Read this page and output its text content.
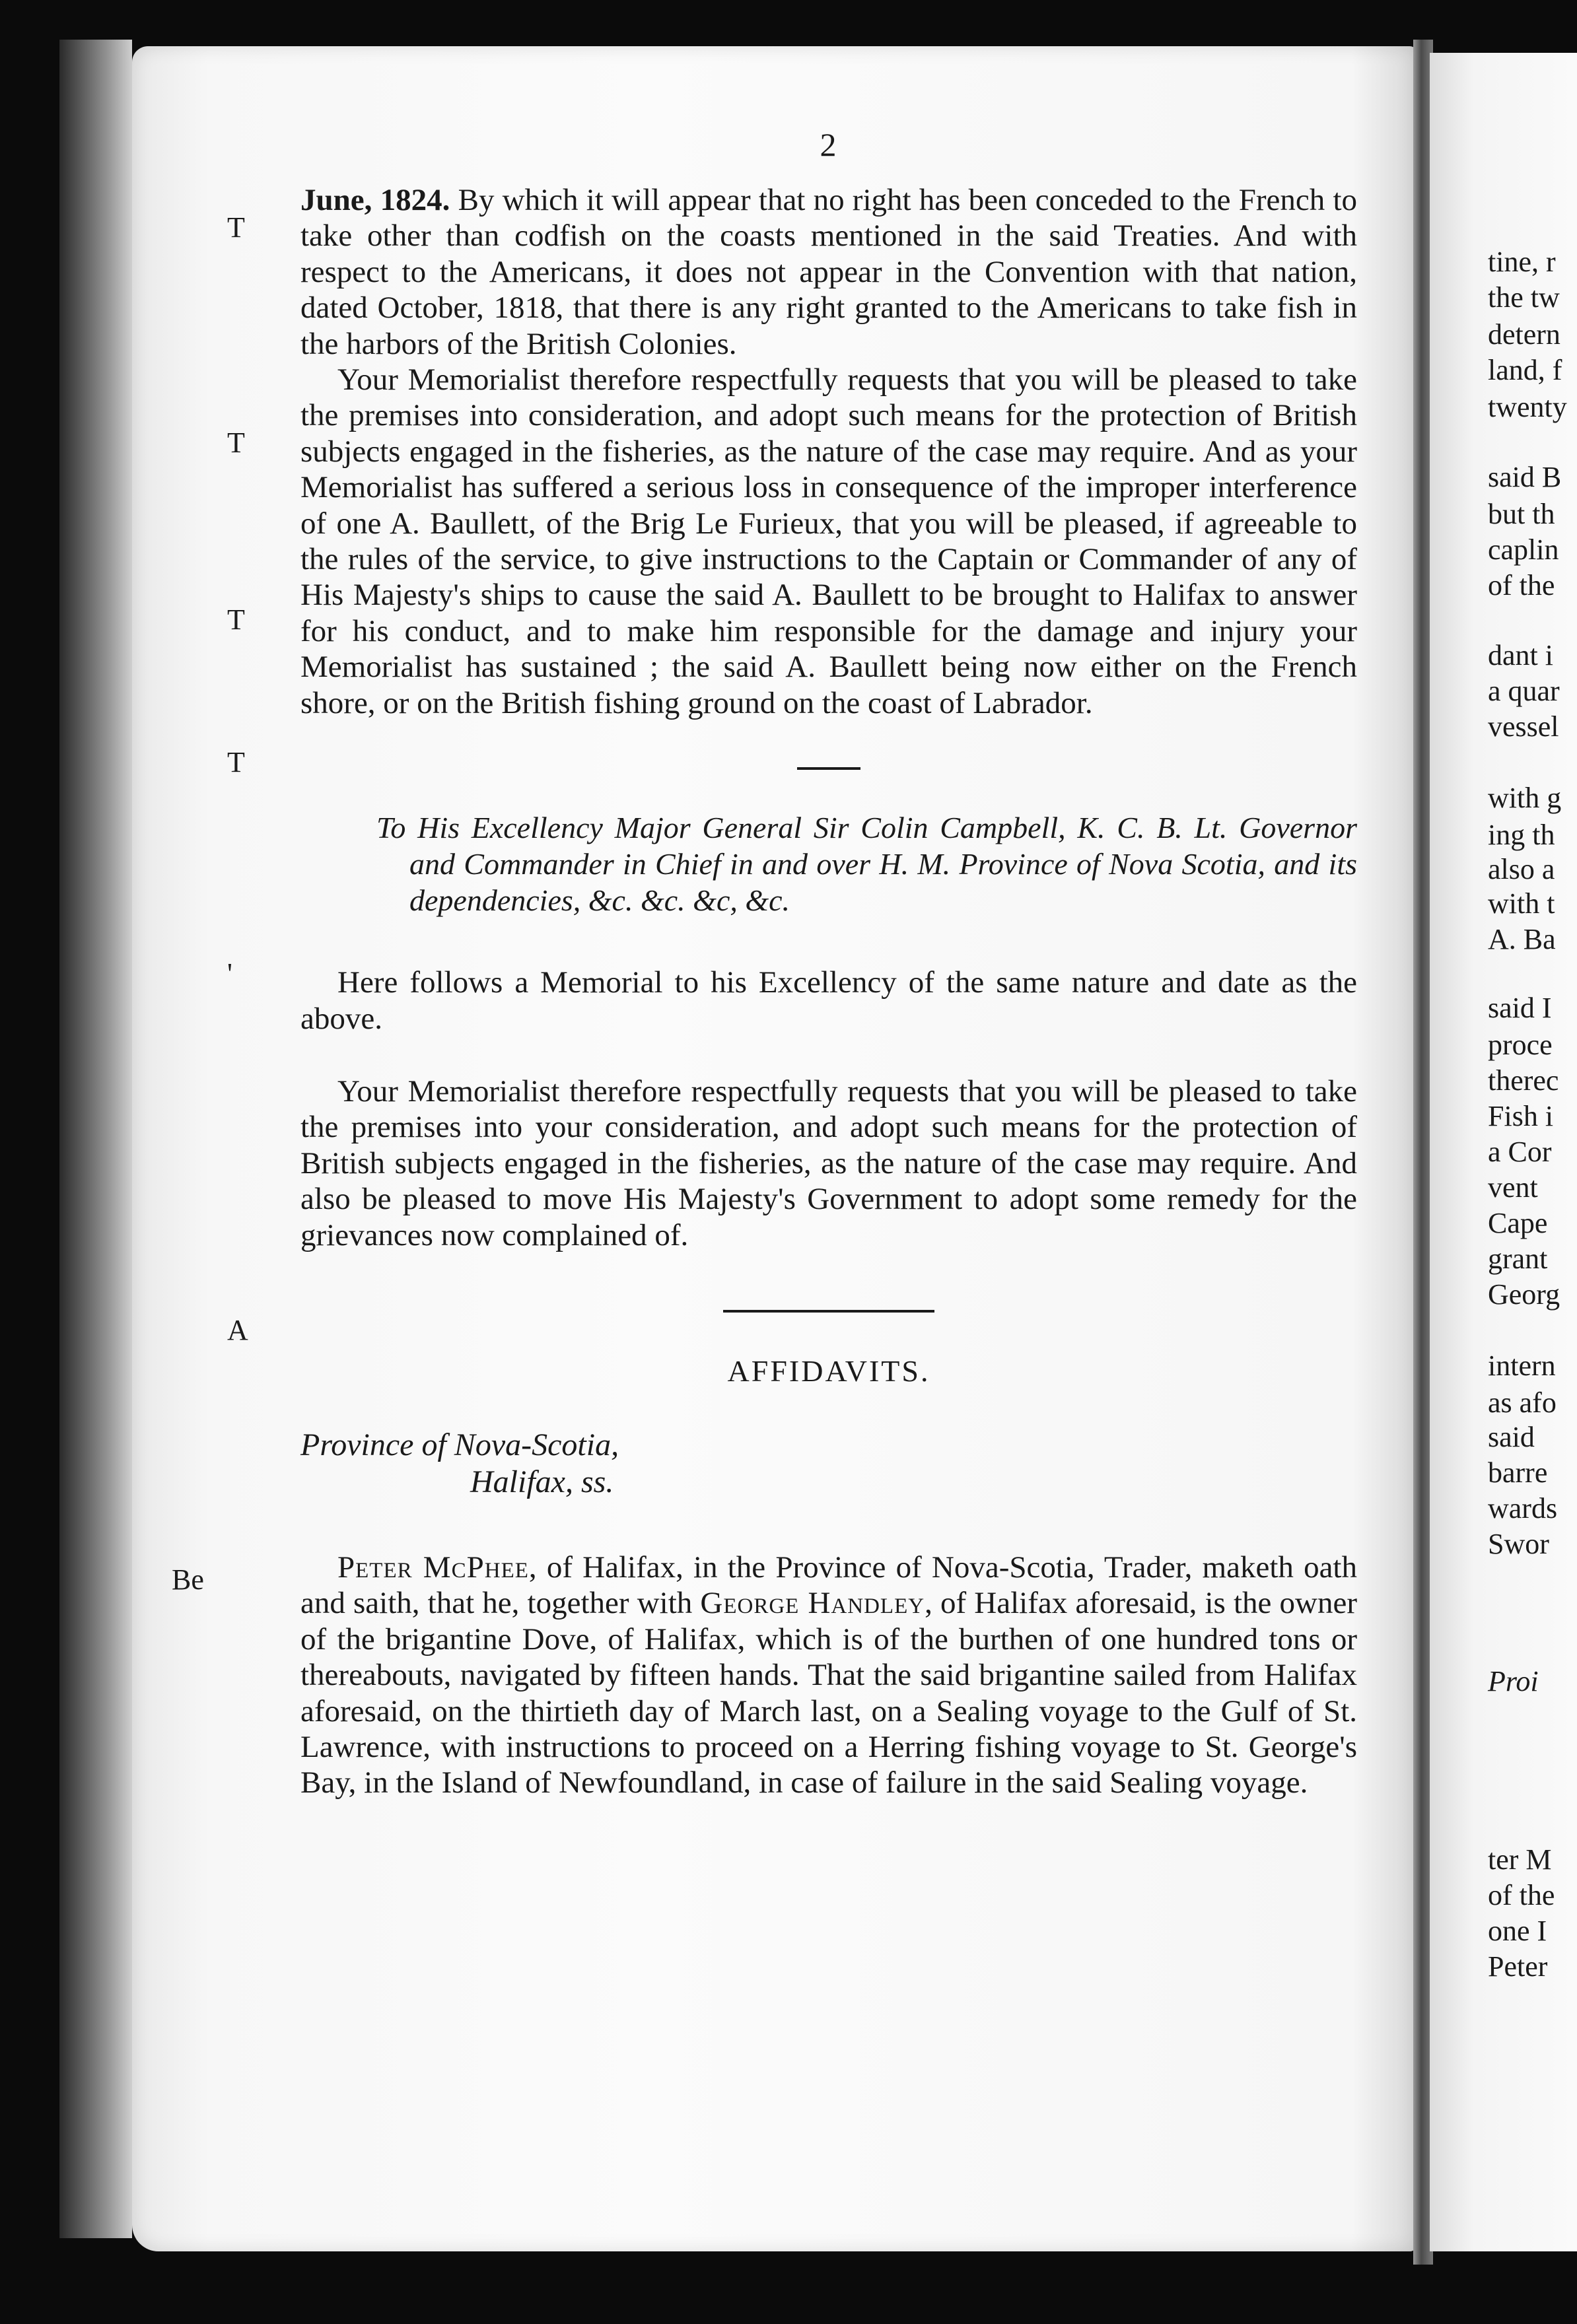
T
tine, r
the tw
detern
land, f
twenty
T
said B
but th
caplin
of the
T
dant i
a quar
vessel
T
with g
ing th
also a
with t
A. Ba
'
said I
proce
therec
Fish i
a Cor
vent
Cape
grant
Georg
A
intern
as afo
said
barre
wards
Swor
Be
Proi
ter M
of the
one I
Peter
2

June, 1824. By which it will appear that no right has been conceded to the French to take other than codfish on the coasts mentioned in the said Treaties. And with respect to the Americans, it does not appear in the Convention with that nation, dated October, 1818, that there is any right granted to the Americans to take fish in the harbors of the British Colonies.

Your Memorialist therefore respectfully requests that you will be pleased to take the premises into consideration, and adopt such means for the protection of British subjects engaged in the fisheries, as the nature of the case may require. And as your Memorialist has suffered a serious loss in consequence of the improper interference of one A. Baullett, of the Brig Le Furieux, that you will be pleased, if agreeable to the rules of the service, to give instructions to the Captain or Commander of any of His Majesty's ships to cause the said A. Baullett to be brought to Halifax to answer for his conduct, and to make him responsible for the damage and injury your Memorialist has sustained ; the said A. Baullett being now either on the French shore, or on the British fishing ground on the coast of Labrador.

To His Excellency Major General Sir Colin Campbell, K. C. B. Lt. Governor and Commander in Chief in and over H. M. Province of Nova Scotia, and its dependencies, &c. &c. &c, &c.

Here follows a Memorial to his Excellency of the same nature and date as the above.

Your Memorialist therefore respectfully requests that you will be pleased to take the premises into your consideration, and adopt such means for the protection of British subjects engaged in the fisheries, as the nature of the case may require. And also be pleased to move His Majesty's Government to adopt some remedy for the grievances now complained of.

AFFIDAVITS.

Province of Nova-Scotia,

Halifax, ss.

Peter McPhee, of Halifax, in the Province of Nova-Scotia, Trader, maketh oath and saith, that he, together with George Handley, of Halifax aforesaid, is the owner of the brigantine Dove, of Halifax, which is of the burthen of one hundred tons or thereabouts, navigated by fifteen hands. That the said brigantine sailed from Halifax aforesaid, on the thirtieth day of March last, on a Sealing voyage to the Gulf of St. Lawrence, with instructions to proceed on a Herring fishing voyage to St. George's Bay, in the Island of Newfoundland, in case of failure in the said Sealing voyage.
